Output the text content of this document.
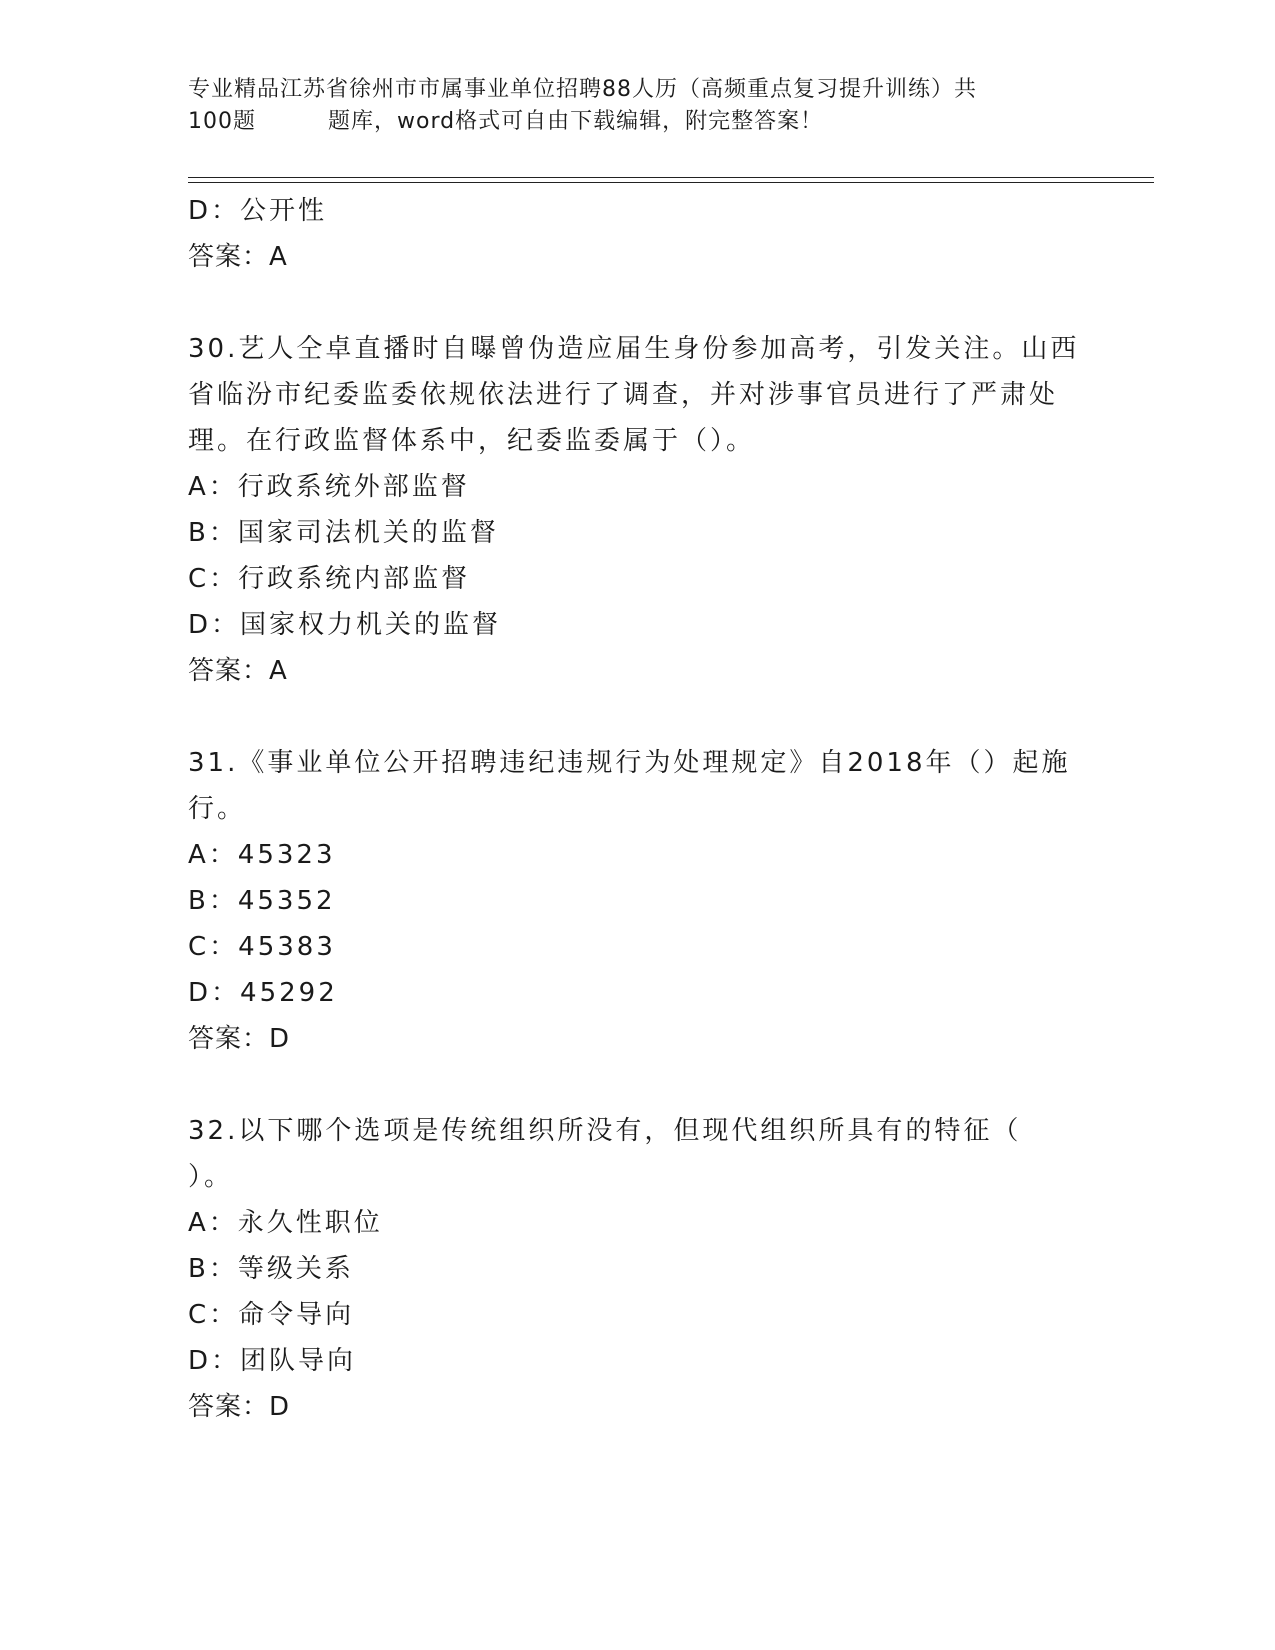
专业精品江苏省徐州市市属事业单位招聘88人历（高频重点复习提升训练）共
100题	题库，word格式可自由下载编辑，附完整答案！
D：公开性
答案：A
30.艺人仝卓直播时自曝曾伪造应届生身份参加高考，引发关注。山西
省临汾市纪委监委依规依法进行了调查，并对涉事官员进行了严肃处
理。在行政监督体系中，纪委监委属于（）。
A：行政系统外部监督
B：国家司法机关的监督
C：行政系统内部监督
D：国家权力机关的监督
答案：A
31.《事业单位公开招聘违纪违规行为处理规定》自2018年（）起施
行。
A：45323
B：45352
C：45383
D：45292
答案：D
32.以下哪个选项是传统组织所没有，但现代组织所具有的特征（
）。
A：永久性职位
B：等级关系
C：命令导向
D：团队导向
答案：D
